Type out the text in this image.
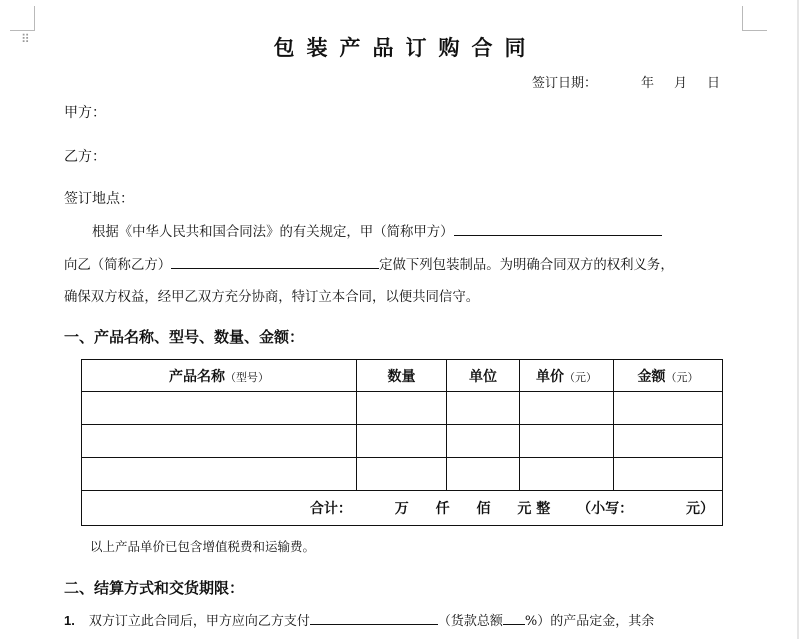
⠿	包装产品订购合同
签订日期：	年 月 日
甲方：
乙方：
签订地点：
根据《中华人民共和国合同法》的有关规定，甲（简称甲方）
向乙（简称乙方）	定做下列包装制品。为明确合同双方的权利义务，
确保双方权益，经甲乙双方充分协商，特订立本合同，以便共同信守。
一、产品名称、型号、数量、金额：
产品名称（型号）	数量	单位	单价（元）	金额（元）

合计： 万 仟 佰 元 整 （小写： 元）				
以上产品单价已包含增值税费和运输费。
二、结算方式和交货期限：
1. 双方订立此合同后，甲方应向乙方支付	（货款总额 %）的产品定金，其余
